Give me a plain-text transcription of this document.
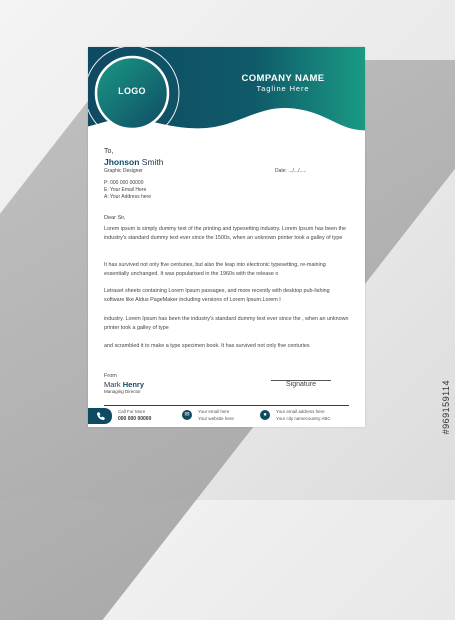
LOGO
COMPANY NAME
Tagline Here
To,
Jhonson Smith
Graphic Designer	Date: .../.../.....
P: 000 000 00000
E: Your Email Here
A: Your Address here
Dear Sir,
Lorem ipsum is simply dummy text of the printing and typesetting industry. Lorem Ipsum has been the industry's standard dummy text ever since the 1500s, when an unknown printer took a galley of type
It has survived not only five centuries, but also the leap into electronic typesetting, re-maining essentially unchanged. It was popularised in the 1960s with the release o
Letraset sheets containing Lorem Ipsum passages, and more recently with desktop pub-lishing software like Aldus PageMaker including versions of Lorem Ipsum.Lorem I
industry. Lorem Ipsum has been the industry's standard dummy text ever since the , when an unknown printer took a galley of type
and scrambled it to make a type specimen book. It has survived not only five centuries
From
Mark Henry
Managing Director
Signature
Call For More
000 000 00000
✉
Your email here
Your website here
●
Your email address here
Your city namecountry ABC	#969159114
